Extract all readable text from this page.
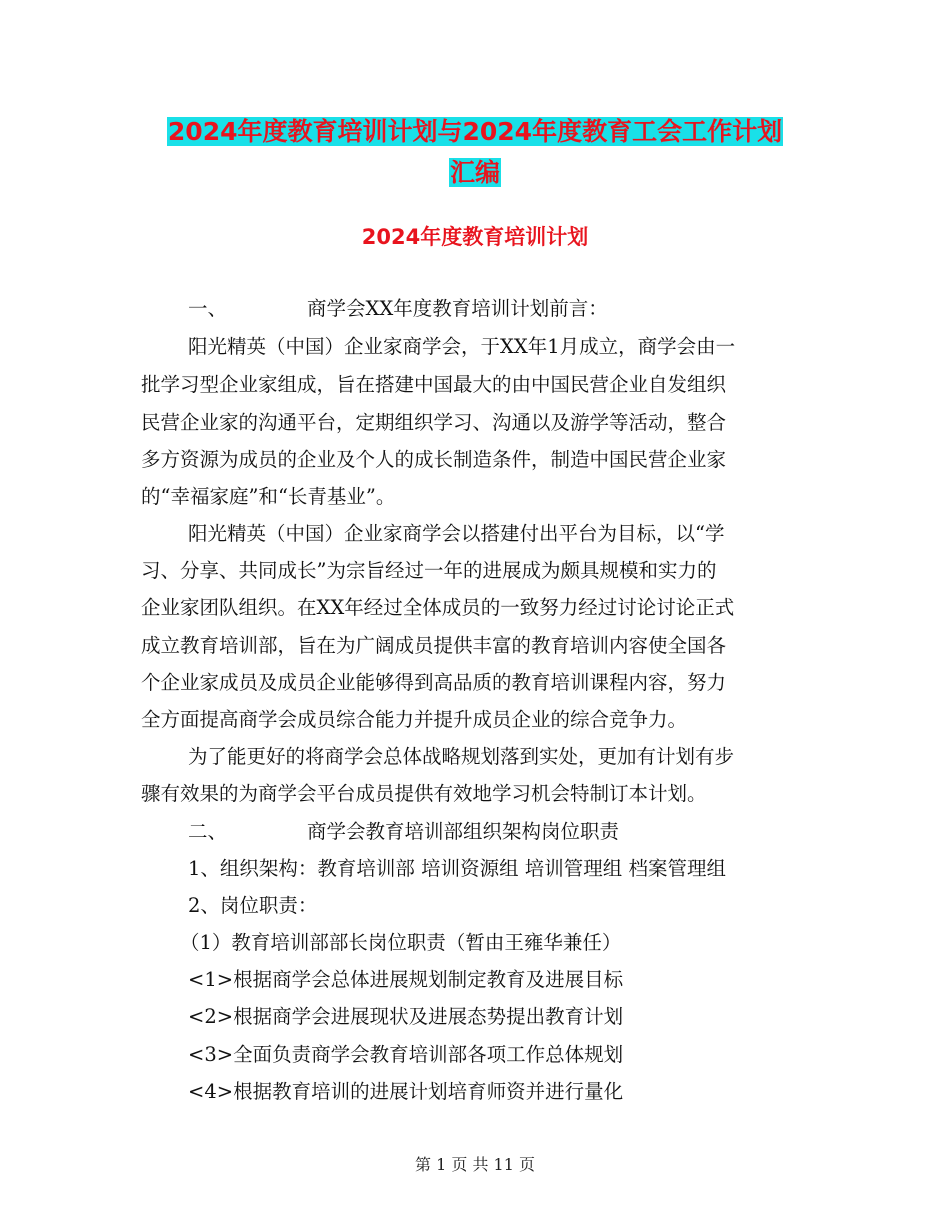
2024年度教育培训计划与2024年度教育工会工作计划
汇编
2024年度教育培训计划
一、	商学会XX年度教育培训计划前言：
阳光精英（中国）企业家商学会，于XX年1月成立，商学会由一
批学习型企业家组成，旨在搭建中国最大的由中国民营企业自发组织
民营企业家的沟通平台，定期组织学习、沟通以及游学等活动，整合
多方资源为成员的企业及个人的成长制造条件，制造中国民营企业家
的“幸福家庭”和“长青基业”。
阳光精英（中国）企业家商学会以搭建付出平台为目标，以“学
习、分享、共同成长”为宗旨经过一年的进展成为颇具规模和实力的
企业家团队组织。在XX年经过全体成员的一致努力经过讨论讨论正式
成立教育培训部，旨在为广阔成员提供丰富的教育培训内容使全国各
个企业家成员及成员企业能够得到高品质的教育培训课程内容，努力
全方面提高商学会成员综合能力并提升成员企业的综合竞争力。
为了能更好的将商学会总体战略规划落到实处，更加有计划有步
骤有效果的为商学会平台成员提供有效地学习机会特制订本计划。
二、	商学会教育培训部组织架构岗位职责
1、组织架构：教育培训部 培训资源组 培训管理组 档案管理组
2、岗位职责：
（1）教育培训部部长岗位职责（暂由王雍华兼任）
<1>根据商学会总体进展规划制定教育及进展目标
<2>根据商学会进展现状及进展态势提出教育计划
<3>全面负责商学会教育培训部各项工作总体规划
<4>根据教育培训的进展计划培育师资并进行量化
第 1 页 共 11 页
